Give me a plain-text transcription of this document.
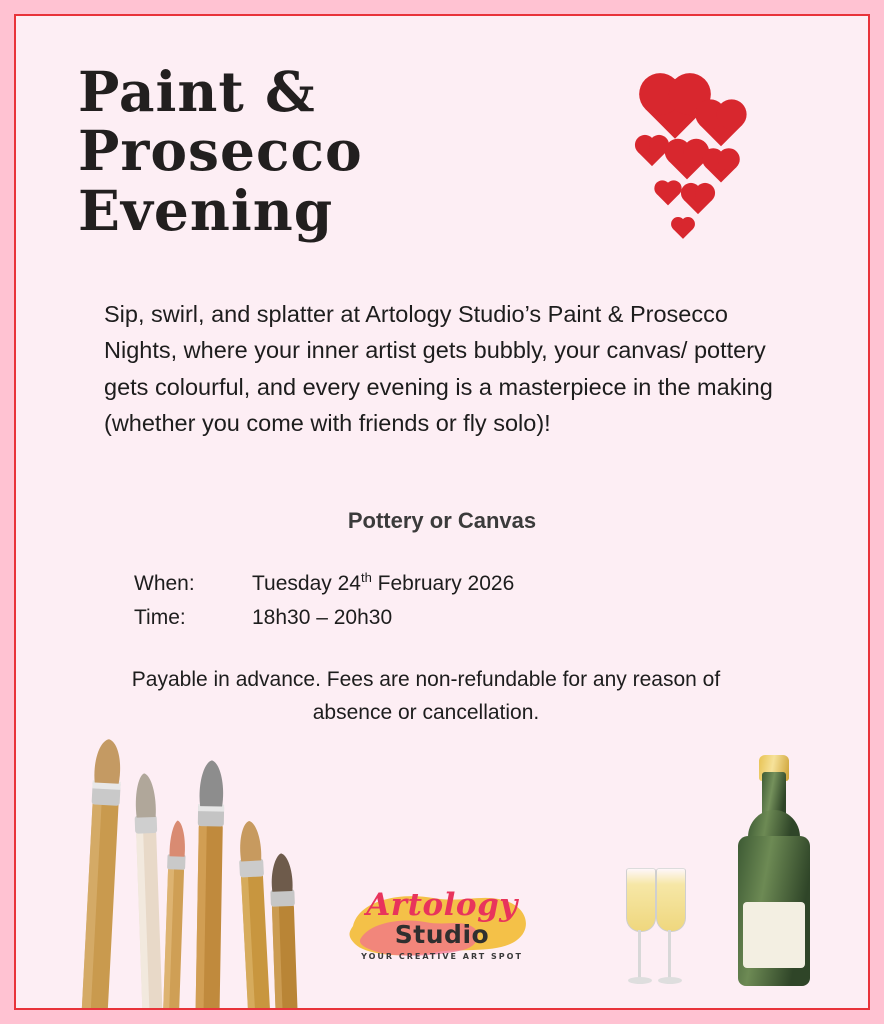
Paint & Prosecco
Evening
Sip, swirl, and splatter at Artology Studio’s Paint & Prosecco Nights, where your inner artist gets bubbly, your canvas/ pottery gets colourful, and every evening is a masterpiece in the making (whether you come with friends or fly solo)!
Pottery or Canvas
When:	Tuesday 24th February 2026
Time:	18h30 – 20h30
Payable in advance. Fees are non-refundable for any reason of absence or cancellation.
Artology
Studio
YOUR CREATIVE ART SPOT
